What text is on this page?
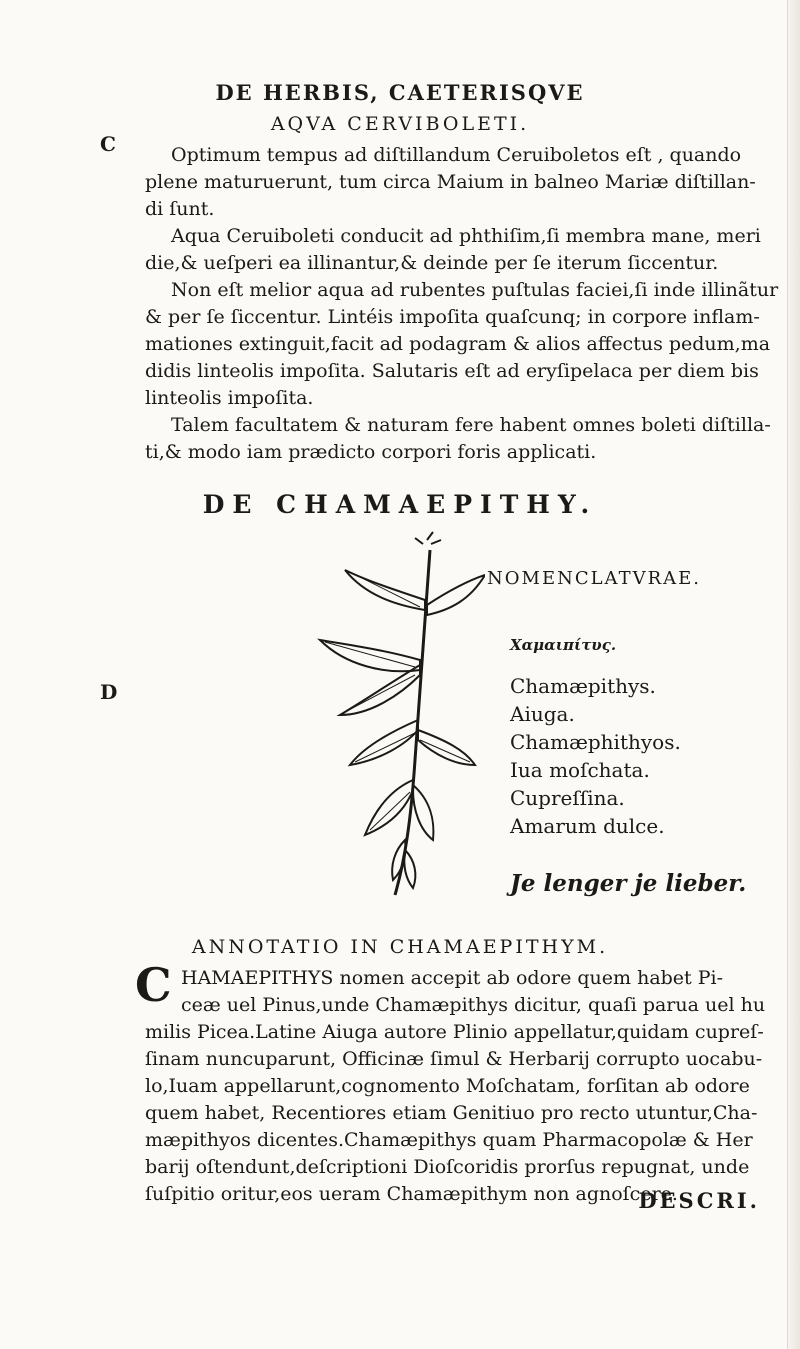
DE HERBIS, CAETERISQVE
C
D
AQVA CERVIBOLETI.
Optimum tempus ad diſtillandum Ceruiboletos eſt , quando
plene maturuerunt, tum circa Maium in balneo Mariæ diſtillan-
di ſunt.
Aqua Ceruiboleti conducit ad phthiſim,ſi membra mane, meri
die,& ueſperi ea illinantur,& deinde per ſe iterum ſiccentur.
Non eſt melior aqua ad rubentes puſtulas faciei,ſi inde illinãtur
& per ſe ſiccentur. Lintéis impoſita quaſcunq; in corpore inflam-
mationes extinguit,facit ad podagram & alios affectus pedum,ma
didis linteolis impoſita. Salutaris eſt ad eryſipelaca per diem bis
linteolis impoſita.
Talem facultatem & naturam fere habent omnes boleti diſtilla-
ti,& modo iam prædicto corpori foris applicati.
DE CHAMAEPITHY.
NOMENCLATVRAE.
Χαμαιπίτυς.
Chamæpithys.
Aiuga.
Chamæphithyos.
Iua moſchata.
Cupreſſina.
Amarum dulce.
Je lenger je lieber.
ANNOTATIO IN CHAMAEPITHYM.
C HAMAEPITHYS nomen accepit ab odore quem habet Pi-
ceæ uel Pinus,unde Chamæpithys dicitur, quaſi parua uel hu
milis Picea.Latine Aiuga autore Plinio appellatur,quidam cupreſ-
ſinam nuncuparunt, Officinæ ſimul & Herbarij corrupto uocabu-
lo,Iuam appellarunt,cognomento Moſchatam, forſitan ab odore
quem habet, Recentiores etiam Genitiuo pro recto utuntur,Cha-
mæpithyos dicentes.Chamæpithys quam Pharmacopolæ & Her
barij oſtendunt,deſcriptioni Dioſcoridis prorſus repugnat, unde
ſuſpitio oritur,eos ueram Chamæpithym non agnoſcere.
DESCRI.
